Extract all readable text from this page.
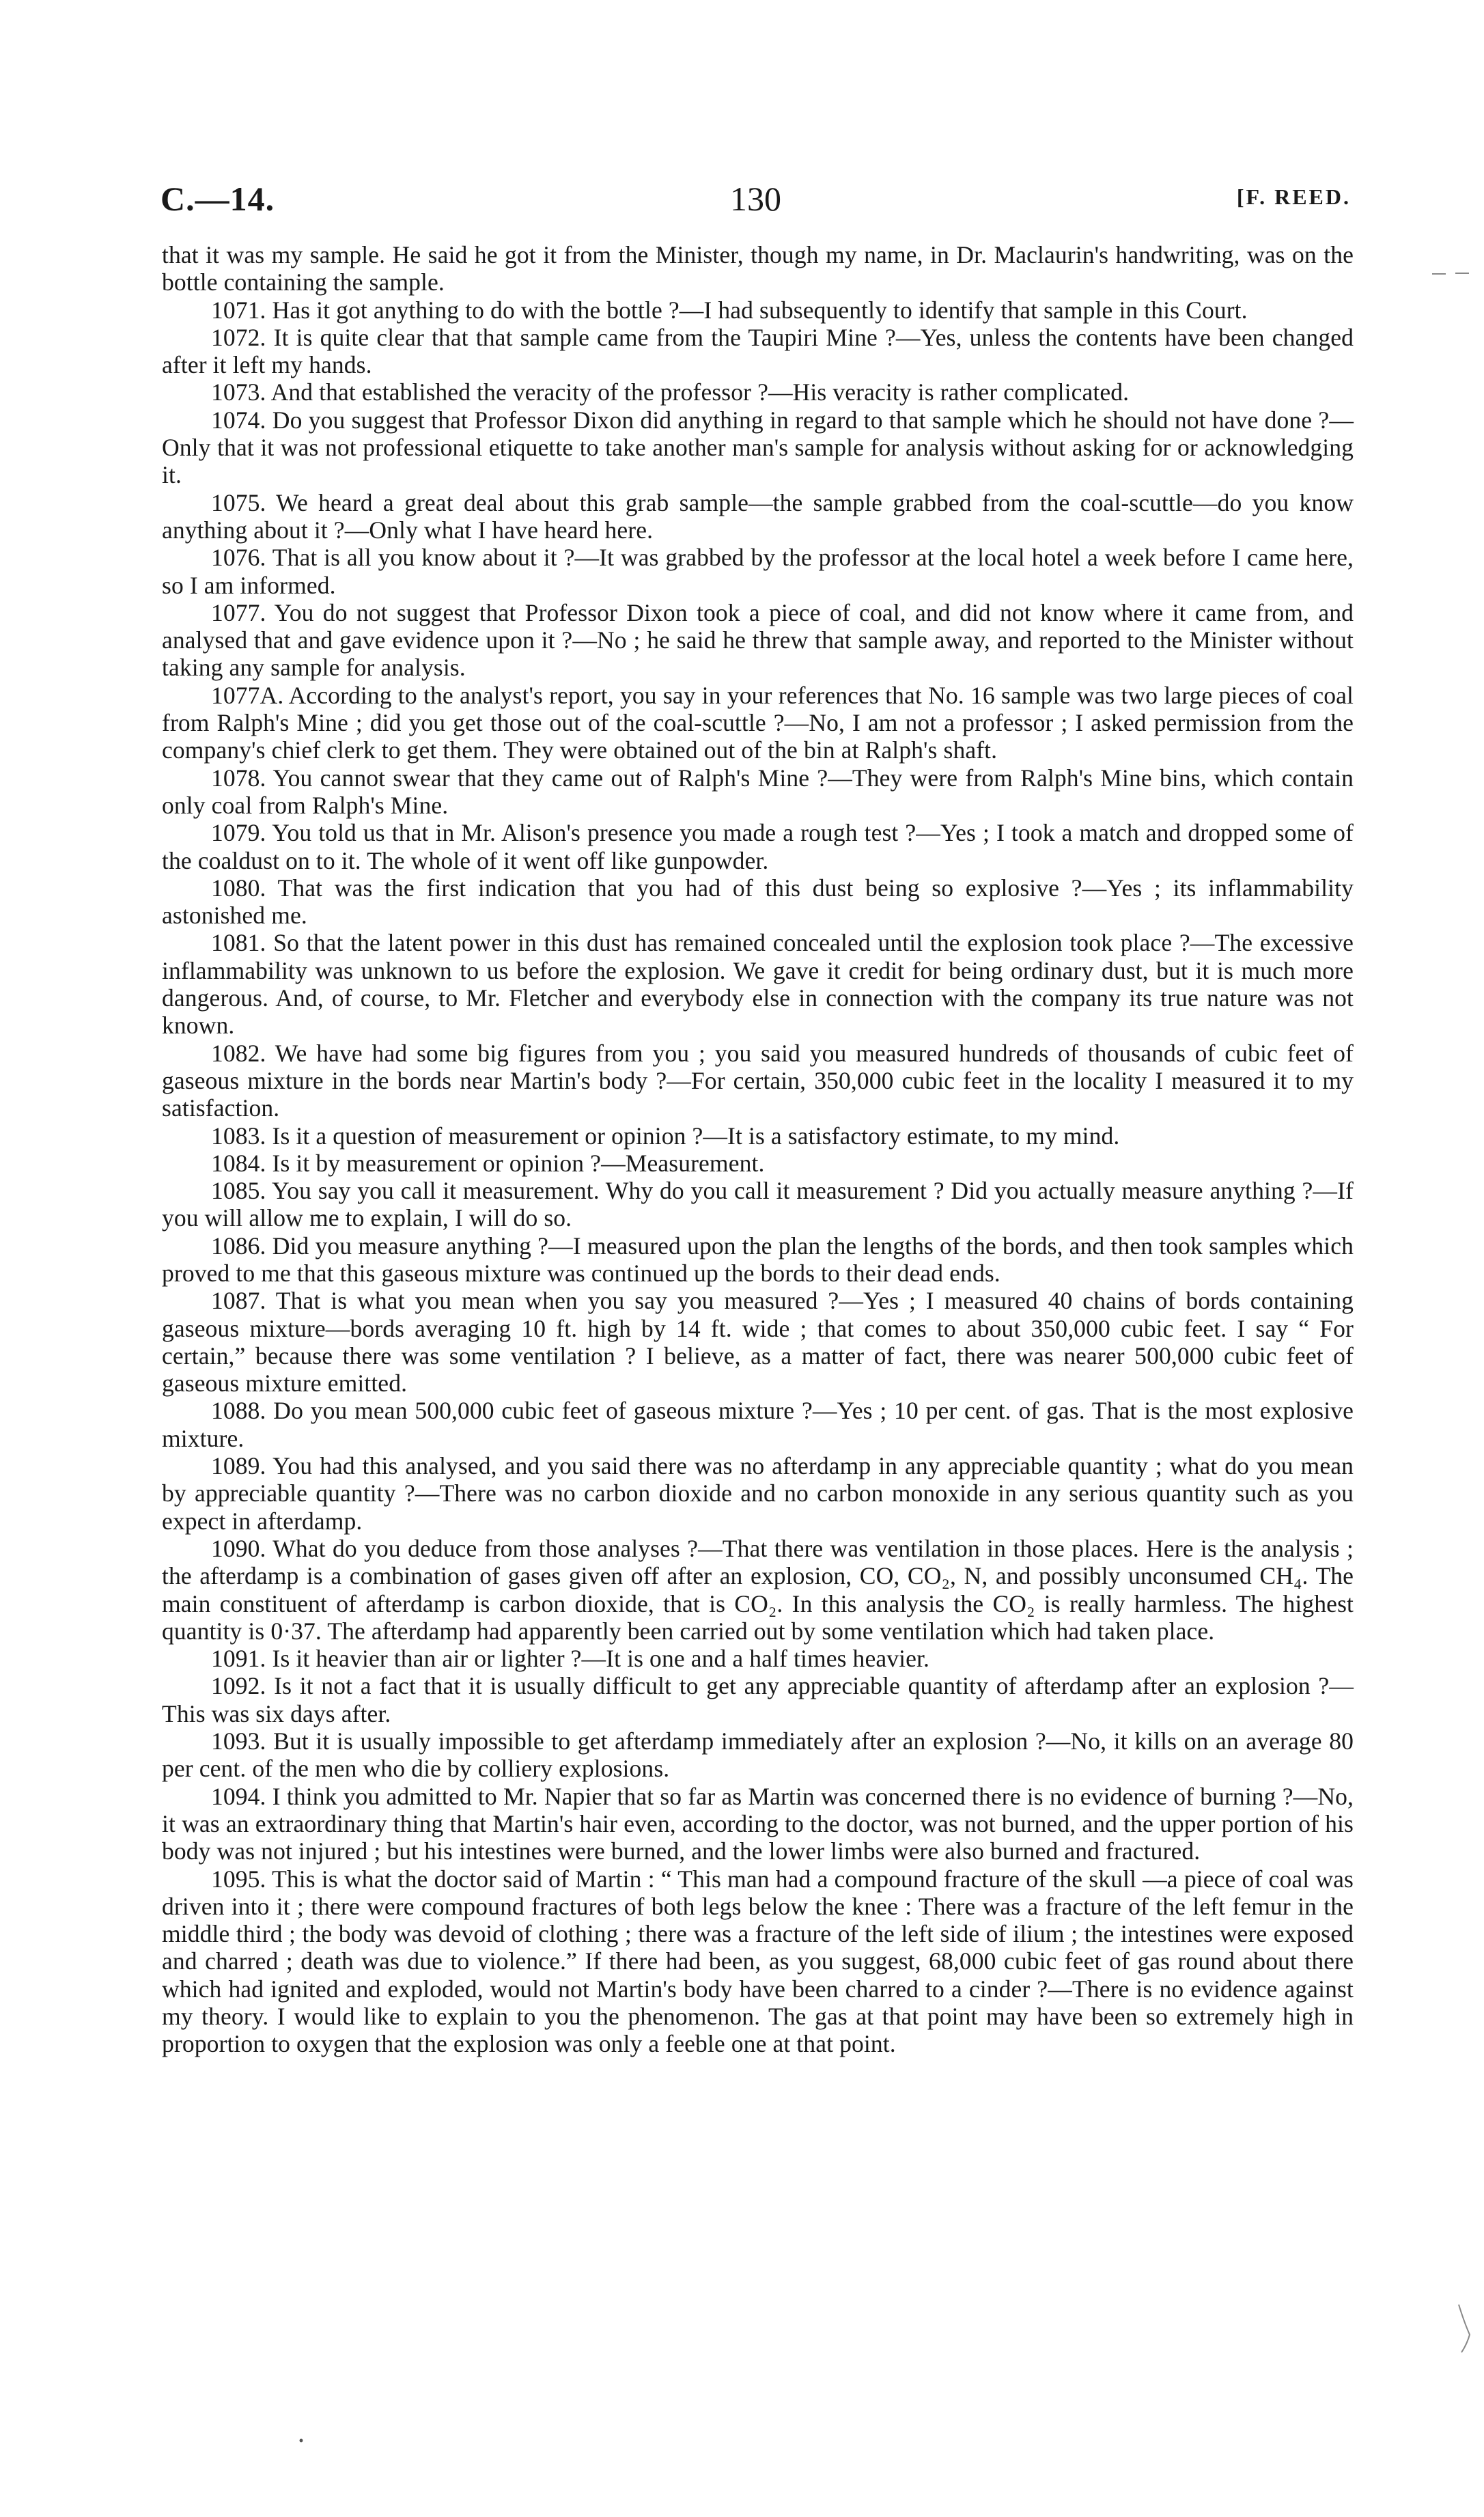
C.—14.	130	[F. REED.

that it was my sample. He said he got it from the Minister, though my name, in Dr. Maclaurin's handwriting, was on the bottle containing the sample.

1071. Has it got anything to do with the bottle ?—I had subsequently to identify that sample in this Court.

1072. It is quite clear that that sample came from the Taupiri Mine ?—Yes, unless the contents have been changed after it left my hands.

1073. And that established the veracity of the professor ?—His veracity is rather complicated.

1074. Do you suggest that Professor Dixon did anything in regard to that sample which he should not have done ?—Only that it was not professional etiquette to take another man's sample for analysis without asking for or acknowledging it.

1075. We heard a great deal about this grab sample—the sample grabbed from the coal-scuttle—do you know anything about it ?—Only what I have heard here.

1076. That is all you know about it ?—It was grabbed by the professor at the local hotel a week before I came here, so I am informed.

1077. You do not suggest that Professor Dixon took a piece of coal, and did not know where it came from, and analysed that and gave evidence upon it ?—No ; he said he threw that sample away, and reported to the Minister without taking any sample for analysis.

1077A. According to the analyst's report, you say in your references that No. 16 sample was two large pieces of coal from Ralph's Mine ; did you get those out of the coal-scuttle ?—No, I am not a professor ; I asked permission from the company's chief clerk to get them. They were obtained out of the bin at Ralph's shaft.

1078. You cannot swear that they came out of Ralph's Mine ?—They were from Ralph's Mine bins, which contain only coal from Ralph's Mine.

1079. You told us that in Mr. Alison's presence you made a rough test ?—Yes ; I took a match and dropped some of the coaldust on to it. The whole of it went off like gunpowder.

1080. That was the first indication that you had of this dust being so explosive ?—Yes ; its inflammability astonished me.

1081. So that the latent power in this dust has remained concealed until the explosion took place ?—The excessive inflammability was unknown to us before the explosion. We gave it credit for being ordinary dust, but it is much more dangerous. And, of course, to Mr. Fletcher and everybody else in connection with the company its true nature was not known.

1082. We have had some big figures from you ; you said you measured hundreds of thousands of cubic feet of gaseous mixture in the bords near Martin's body ?—For certain, 350,000 cubic feet in the locality I measured it to my satisfaction.

1083. Is it a question of measurement or opinion ?—It is a satisfactory estimate, to my mind.

1084. Is it by measurement or opinion ?—Measurement.

1085. You say you call it measurement. Why do you call it measurement ? Did you actually measure anything ?—If you will allow me to explain, I will do so.

1086. Did you measure anything ?—I measured upon the plan the lengths of the bords, and then took samples which proved to me that this gaseous mixture was continued up the bords to their dead ends.

1087. That is what you mean when you say you measured ?—Yes ; I measured 40 chains of bords containing gaseous mixture—bords averaging 10 ft. high by 14 ft. wide ; that comes to about 350,000 cubic feet. I say “ For certain,” because there was some ventilation ? I believe, as a matter of fact, there was nearer 500,000 cubic feet of gaseous mixture emitted.

1088. Do you mean 500,000 cubic feet of gaseous mixture ?—Yes ; 10 per cent. of gas. That is the most explosive mixture.

1089. You had this analysed, and you said there was no afterdamp in any appreciable quantity ; what do you mean by appreciable quantity ?—There was no carbon dioxide and no carbon monoxide in any serious quantity such as you expect in afterdamp.

1090. What do you deduce from those analyses ?—That there was ventilation in those places. Here is the analysis ; the afterdamp is a combination of gases given off after an explosion, CO, CO₂, N, and possibly unconsumed CH₄. The main constituent of afterdamp is carbon dioxide, that is CO₂. In this analysis the CO₂ is really harmless. The highest quantity is 0·37. The afterdamp had apparently been carried out by some ventilation which had taken place.

1091. Is it heavier than air or lighter ?—It is one and a half times heavier.

1092. Is it not a fact that it is usually difficult to get any appreciable quantity of afterdamp after an explosion ?—This was six days after.

1093. But it is usually impossible to get afterdamp immediately after an explosion ?—No, it kills on an average 80 per cent. of the men who die by colliery explosions.

1094. I think you admitted to Mr. Napier that so far as Martin was concerned there is no evidence of burning ?—No, it was an extraordinary thing that Martin's hair even, according to the doctor, was not burned, and the upper portion of his body was not injured ; but his intestines were burned, and the lower limbs were also burned and fractured.

1095. This is what the doctor said of Martin : “ This man had a compound fracture of the skull —a piece of coal was driven into it ; there were compound fractures of both legs below the knee : There was a fracture of the left femur in the middle third ; the body was devoid of clothing ; there was a fracture of the left side of ilium ; the intestines were exposed and charred ; death was due to violence.” If there had been, as you suggest, 68,000 cubic feet of gas round about there which had ignited and exploded, would not Martin's body have been charred to a cinder ?—There is no evidence against my theory. I would like to explain to you the phenomenon. The gas at that point may have been so extremely high in proportion to oxygen that the explosion was only a feeble one at that point.
